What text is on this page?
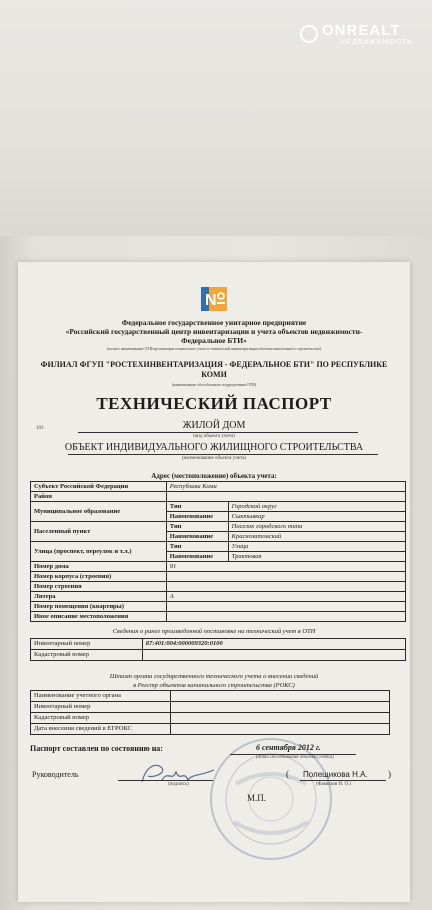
ONREALT
НЕДВИЖИМОСТЬ
N
Федеральное государственное унитарное предприятие
«Российский государственный центр инвентаризации и учета объектов недвижимости-
Федеральное БТИ»
(полное наименование ОТИ/организации технического учета и технической инвентаризации объектов капитального строительства)
ФИЛИАЛ ФГУП "РОСТЕХИНВЕНТАРИЗАЦИЯ - ФЕДЕРАЛЬНОЕ БТИ" ПО РЕСПУБЛИКЕ
КОМИ
(наименование обособленного подразделения ОТИ)
ТЕХНИЧЕСКИЙ ПАСПОРТ
103	ЖИЛОЙ ДОМ
(вид объекта учета)
ОБЪЕКТ ИНДИВИДУАЛЬНОГО ЖИЛИЩНОГО СТРОИТЕЛЬСТВА
(наименование объекта учета)
Адрес (местоположение) объекта учета:
Субъект Российской Федерации	Республика Коми	
Район		
Муниципальное образование	Тип	Городской округ
	Наименование	Сыктывкар
Населенный пункт	Тип	Поселок городского типа
	Наименование	Краснозатонский
Улица (проспект, переулок и т.л.)	Тип	Улица
	Наименование	Трактовая
Номер дома	91	
Номер корпуса (строения)		
Номер строения		
Литера	А	
Номер помещения (квартиры)		
Иное описание местоположения		
Сведения о ранее произведенной постановке на технический учет в ОТИ
Инвентарный номер	87:401:004:000009320:0100
Кадастровый номер	
Штамп органа государственного технического учета о внесении сведений
в Реестр объектов капитального строительства (РОКС)
Наименование учетного органа	
Инвентарный номер	
Кадастровый номер	
Дата внесения сведений в ЕГРОКС	
Паспорт составлен по состоянию на:	6 сентября 2012 г.
(дата обследования объекта учета)
Руководитель
(подпись)
( Полещикова Н.А. )
(Фамилия И. О.)
М.П.
